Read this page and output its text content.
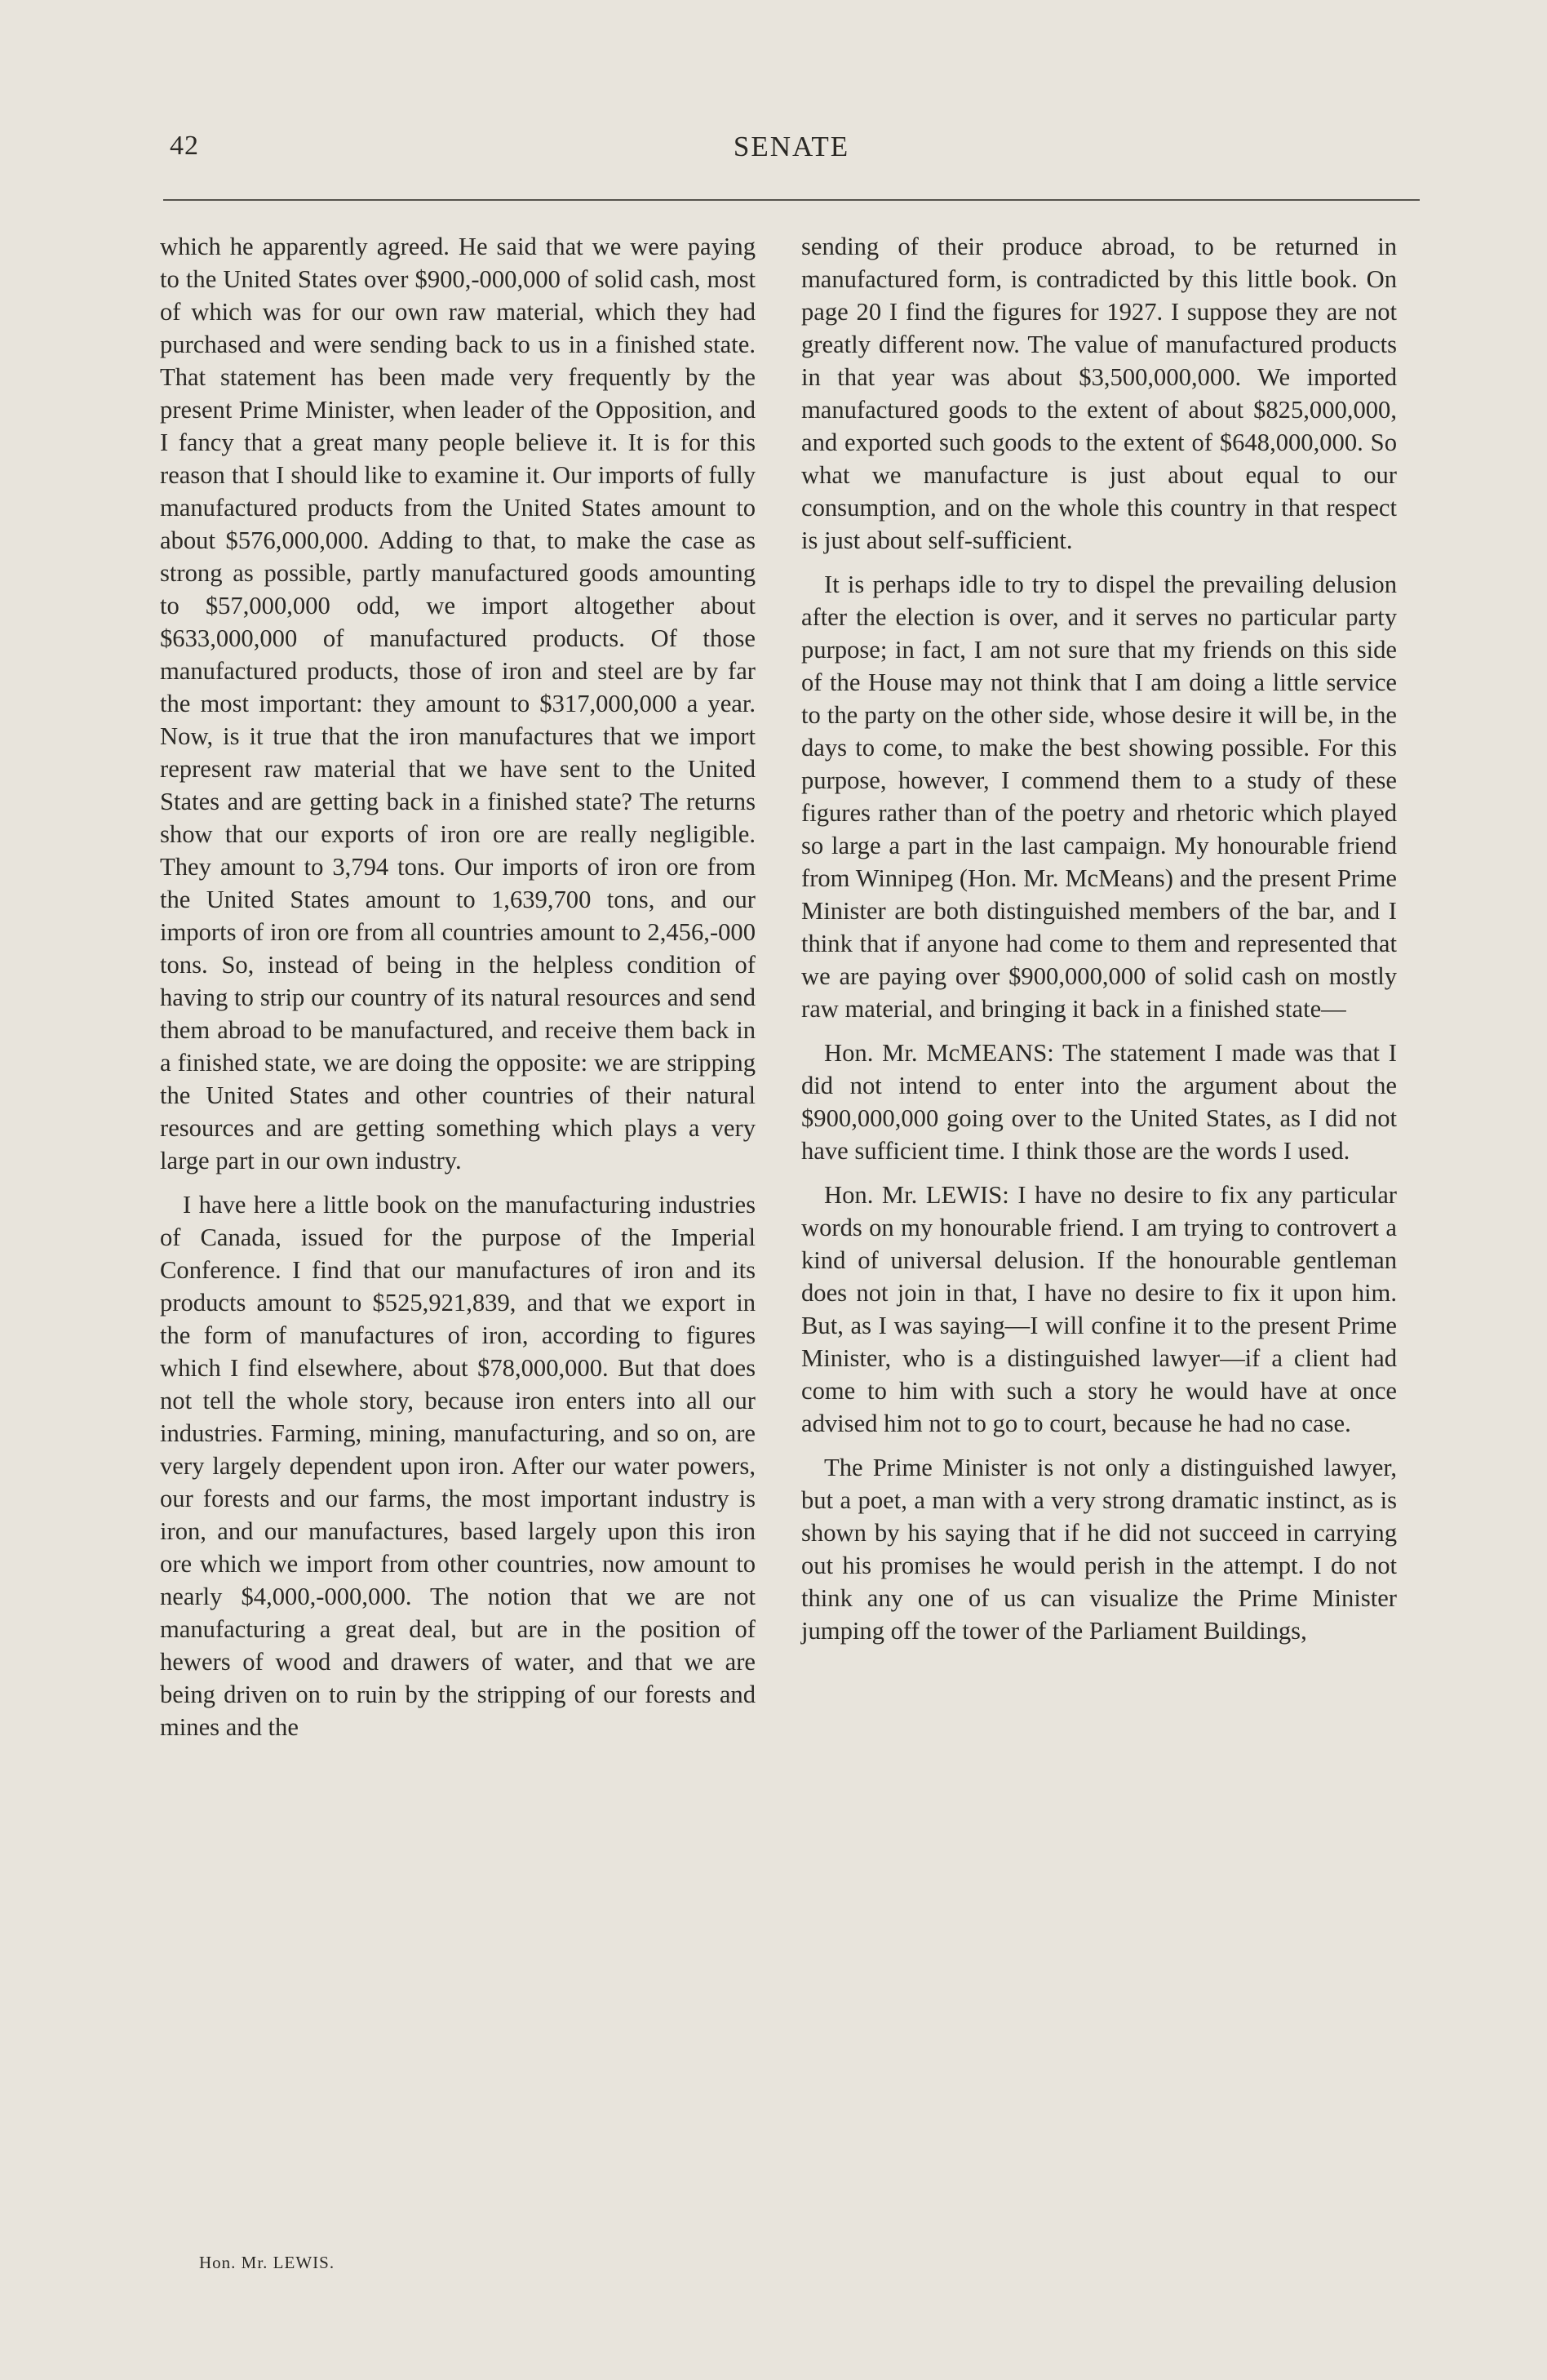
42	SENATE

which he apparently agreed. He said that we were paying to the United States over $900,-000,000 of solid cash, most of which was for our own raw material, which they had purchased and were sending back to us in a finished state. That statement has been made very frequently by the present Prime Minister, when leader of the Opposition, and I fancy that a great many people believe it. It is for this reason that I should like to examine it. Our imports of fully manufactured products from the United States amount to about $576,000,000. Adding to that, to make the case as strong as possible, partly manufactured goods amounting to $57,000,000 odd, we import altogether about $633,000,000 of manufactured products. Of those manufactured products, those of iron and steel are by far the most important: they amount to $317,000,000 a year. Now, is it true that the iron manufactures that we import represent raw material that we have sent to the United States and are getting back in a finished state? The returns show that our exports of iron ore are really negligible. They amount to 3,794 tons. Our imports of iron ore from the United States amount to 1,639,700 tons, and our imports of iron ore from all countries amount to 2,456,-000 tons. So, instead of being in the helpless condition of having to strip our country of its natural resources and send them abroad to be manufactured, and receive them back in a finished state, we are doing the opposite: we are stripping the United States and other countries of their natural resources and are getting something which plays a very large part in our own industry.

I have here a little book on the manufacturing industries of Canada, issued for the purpose of the Imperial Conference. I find that our manufactures of iron and its products amount to $525,921,839, and that we export in the form of manufactures of iron, according to figures which I find elsewhere, about $78,000,000. But that does not tell the whole story, because iron enters into all our industries. Farming, mining, manufacturing, and so on, are very largely dependent upon iron. After our water powers, our forests and our farms, the most important industry is iron, and our manufactures, based largely upon this iron ore which we import from other countries, now amount to nearly $4,000,-000,000. The notion that we are not manufacturing a great deal, but are in the position of hewers of wood and drawers of water, and that we are being driven on to ruin by the stripping of our forests and mines and the

sending of their produce abroad, to be returned in manufactured form, is contradicted by this little book. On page 20 I find the figures for 1927. I suppose they are not greatly different now. The value of manufactured products in that year was about $3,500,000,000. We imported manufactured goods to the extent of about $825,000,000, and exported such goods to the extent of $648,000,000. So what we manufacture is just about equal to our consumption, and on the whole this country in that respect is just about self-sufficient.

It is perhaps idle to try to dispel the prevailing delusion after the election is over, and it serves no particular party purpose; in fact, I am not sure that my friends on this side of the House may not think that I am doing a little service to the party on the other side, whose desire it will be, in the days to come, to make the best showing possible. For this purpose, however, I commend them to a study of these figures rather than of the poetry and rhetoric which played so large a part in the last campaign. My honourable friend from Winnipeg (Hon. Mr. McMeans) and the present Prime Minister are both distinguished members of the bar, and I think that if anyone had come to them and represented that we are paying over $900,000,000 of solid cash on mostly raw material, and bringing it back in a finished state—

Hon. Mr. McMEANS: The statement I made was that I did not intend to enter into the argument about the $900,000,000 going over to the United States, as I did not have sufficient time. I think those are the words I used.

Hon. Mr. LEWIS: I have no desire to fix any particular words on my honourable friend. I am trying to controvert a kind of universal delusion. If the honourable gentleman does not join in that, I have no desire to fix it upon him. But, as I was saying—I will confine it to the present Prime Minister, who is a distinguished lawyer—if a client had come to him with such a story he would have at once advised him not to go to court, because he had no case.

The Prime Minister is not only a distinguished lawyer, but a poet, a man with a very strong dramatic instinct, as is shown by his saying that if he did not succeed in carrying out his promises he would perish in the attempt. I do not think any one of us can visualize the Prime Minister jumping off the tower of the Parliament Buildings,

Hon. Mr. LEWIS.
